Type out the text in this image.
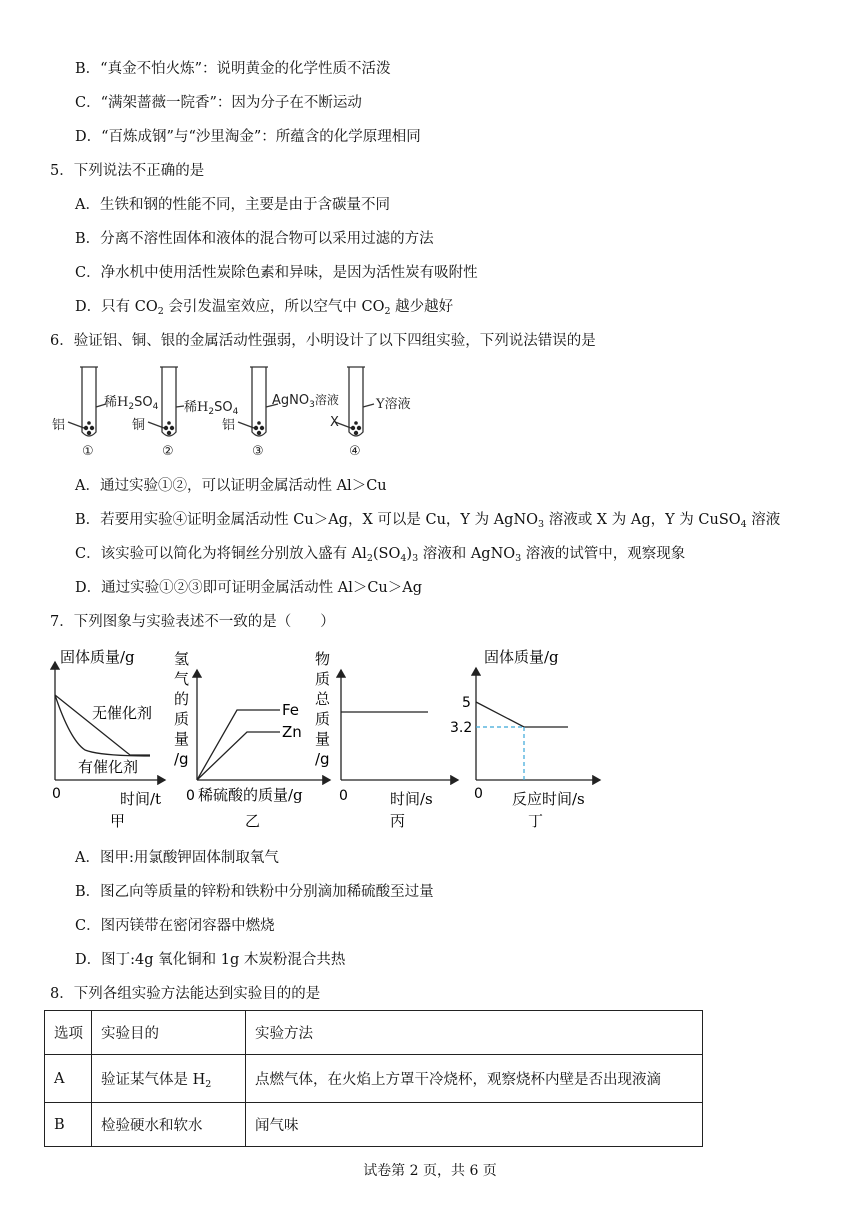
B．“真金不怕火炼”：说明黄金的化学性质不活泼
C．“满架蔷薇一院香”：因为分子在不断运动
D．“百炼成钢”与“沙里淘金”：所蕴含的化学原理相同
5．下列说法不正确的是
A．生铁和钢的性能不同，主要是由于含碳量不同
B．分离不溶性固体和液体的混合物可以采用过滤的方法
C．净水机中使用活性炭除色素和异味，是因为活性炭有吸附性
D．只有 $CO_2$ 会引发温室效应，所以空气中 $CO_2$ 越少越好
6．验证铝、铜、银的金属活动性强弱，小明设计了以下四组实验，下列说法错误的是
铝
稀$H_2SO_4$
①
铜
稀$H_2SO_4$
②
铝
AgNO$_3$溶液
③
X
Y溶液
④
A．通过实验①②，可以证明金属活动性 Al＞Cu
B．若要用实验④证明金属活动性 Cu＞Ag，X 可以是 Cu，Y 为 AgNO$_3$ 溶液或 X 为 Ag，Y 为 CuSO$_4$ 溶液
C．该实验可以简化为将铜丝分别放入盛有 $Al_2(SO_4)_3$ 溶液和 AgNO$_3$ 溶液的试管中，观察现象
D．通过实验①②③即可证明金属活动性 Al＞Cu＞Ag
7．下列图象与实验表述不一致的是（　　）
固体质量/g
无催化剂
有催化剂
0	时间/t
甲
氢
气
的
质
量
/g
Fe
Zn
0 稀硫酸的质量/g
乙
物
质
总
质
量
/g
0	时间/s
丙
固体质量/g
5
3.2
0 反应时间/s
丁
A．图甲:用氯酸钾固体制取氧气
B．图乙向等质量的锌粉和铁粉中分别滴加稀硫酸至过量
C．图丙镁带在密闭容器中燃烧
D．图丁:4g 氧化铜和 1g 木炭粉混合共热
8．下列各组实验方法能达到实验目的的是
选项	实验目的	实验方法
A	验证某气体是 $H_2$	点燃气体，在火焰上方罩干冷烧杯，观察烧杯内壁是否出现液滴
B	检验硬水和软水	闻气味
试卷第 2 页，共 6 页
